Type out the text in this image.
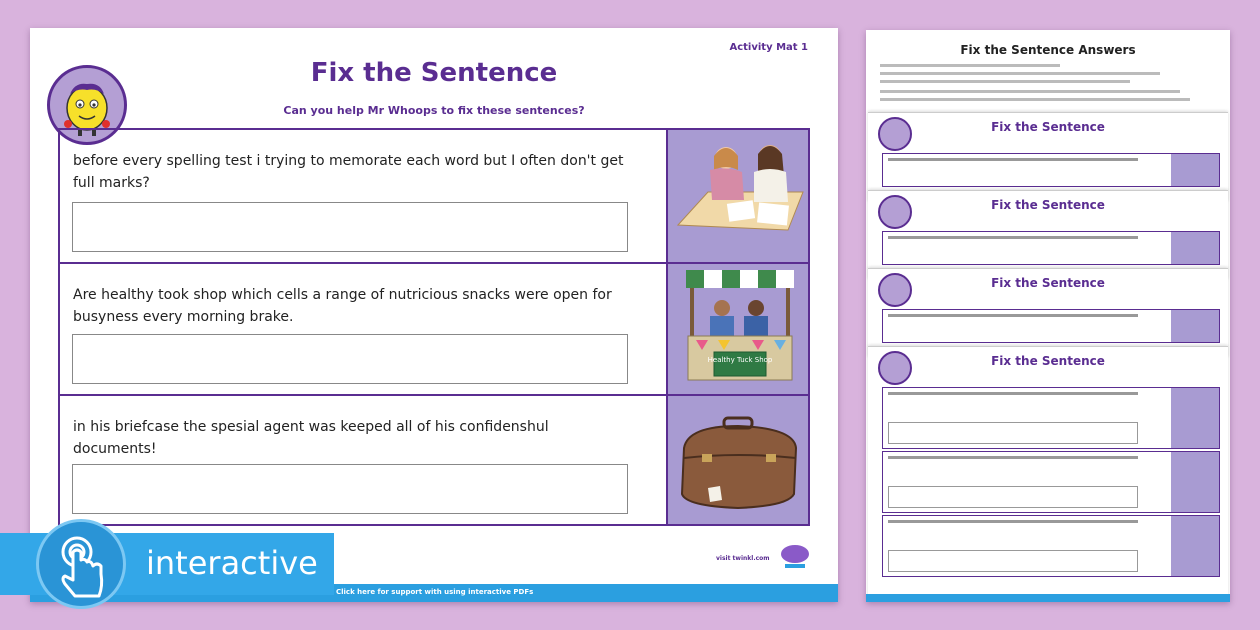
Activity Mat 1
Fix the Sentence
Can you help Mr Whoops to fix these sentences?
before every spelling test i trying to memorate each word but I often don't get full marks?
Are healthy took shop which cells a range of nutricious snacks were open for busyness every morning brake.
Healthy Tuck Shop
in his briefcase the spesial agent was keeped all of his confidenshul documents!
visit twinkl.com
Click here for support with using interactive PDFs
interactive
Fix the Sentence Answers
Fix the Sentence
Fix the Sentence
Fix the Sentence
Fix the Sentence
